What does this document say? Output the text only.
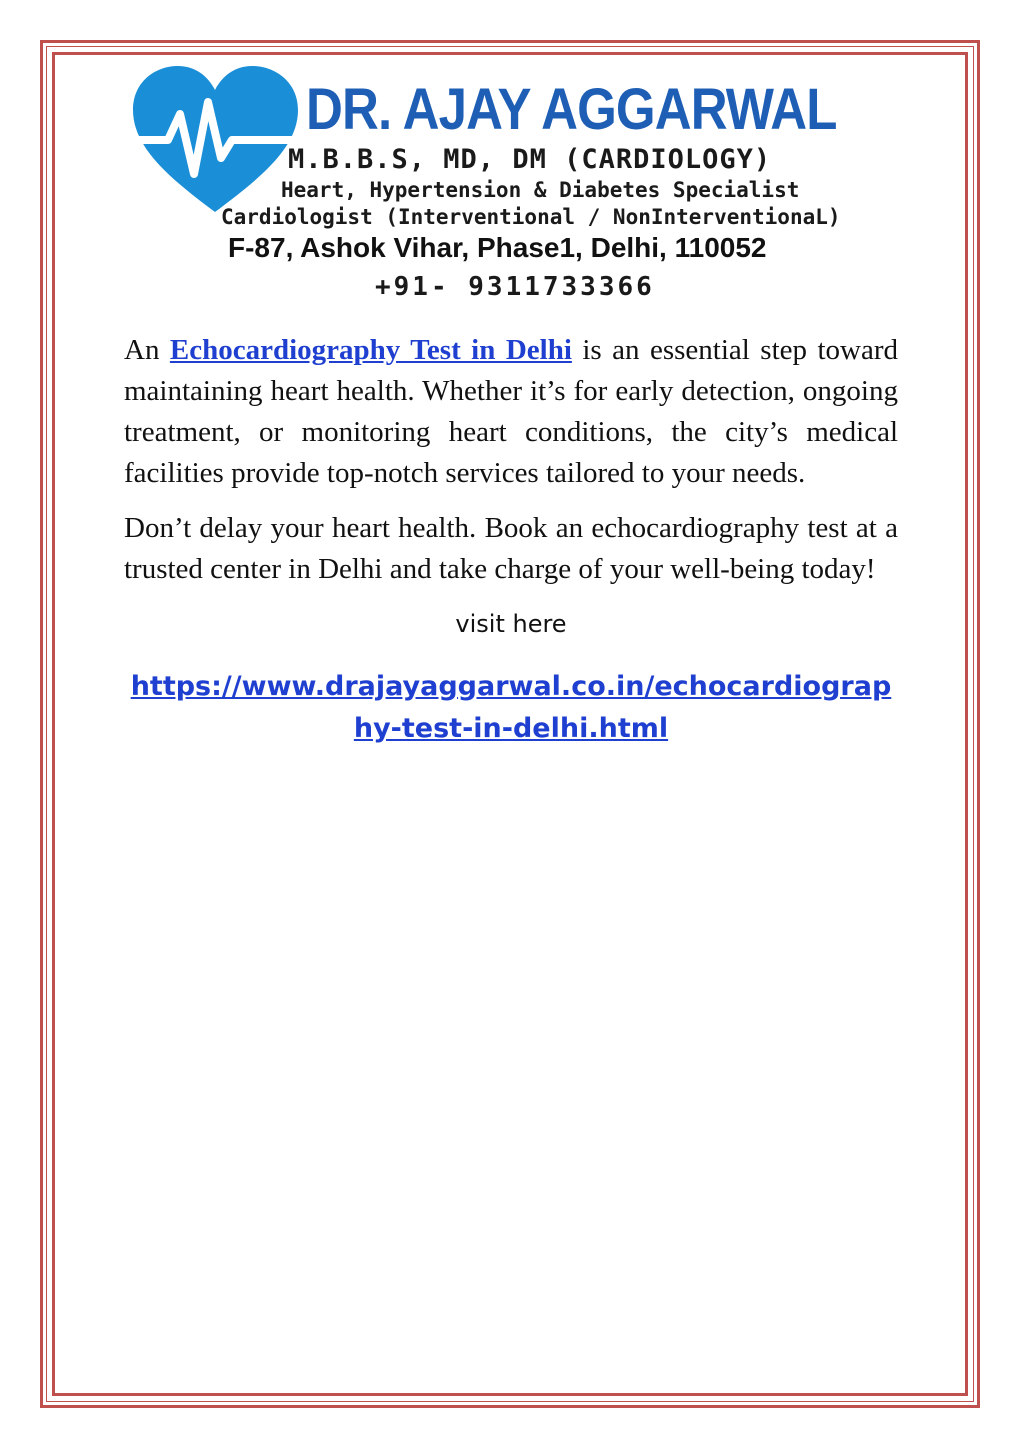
DR. AJAY AGGARWAL
M.B.B.S, MD, DM (CARDIOLOGY)
Heart, Hypertension & Diabetes Specialist
Cardiologist (Interventional / NonInterventionaL)
F-87, Ashok Vihar, Phase1, Delhi, 110052
+91- 9311733366

An Echocardiography Test in Delhi is an essential step toward maintaining heart health. Whether it’s for early detection, ongoing treatment, or monitoring heart conditions, the city’s medical facilities provide top-notch services tailored to your needs.

Don’t delay your heart health. Book an echocardiography test at a trusted center in Delhi and take charge of your well-being today!

visit here
https://www.drajayaggarwal.co.in/echocardiography-test-in-delhi.html
